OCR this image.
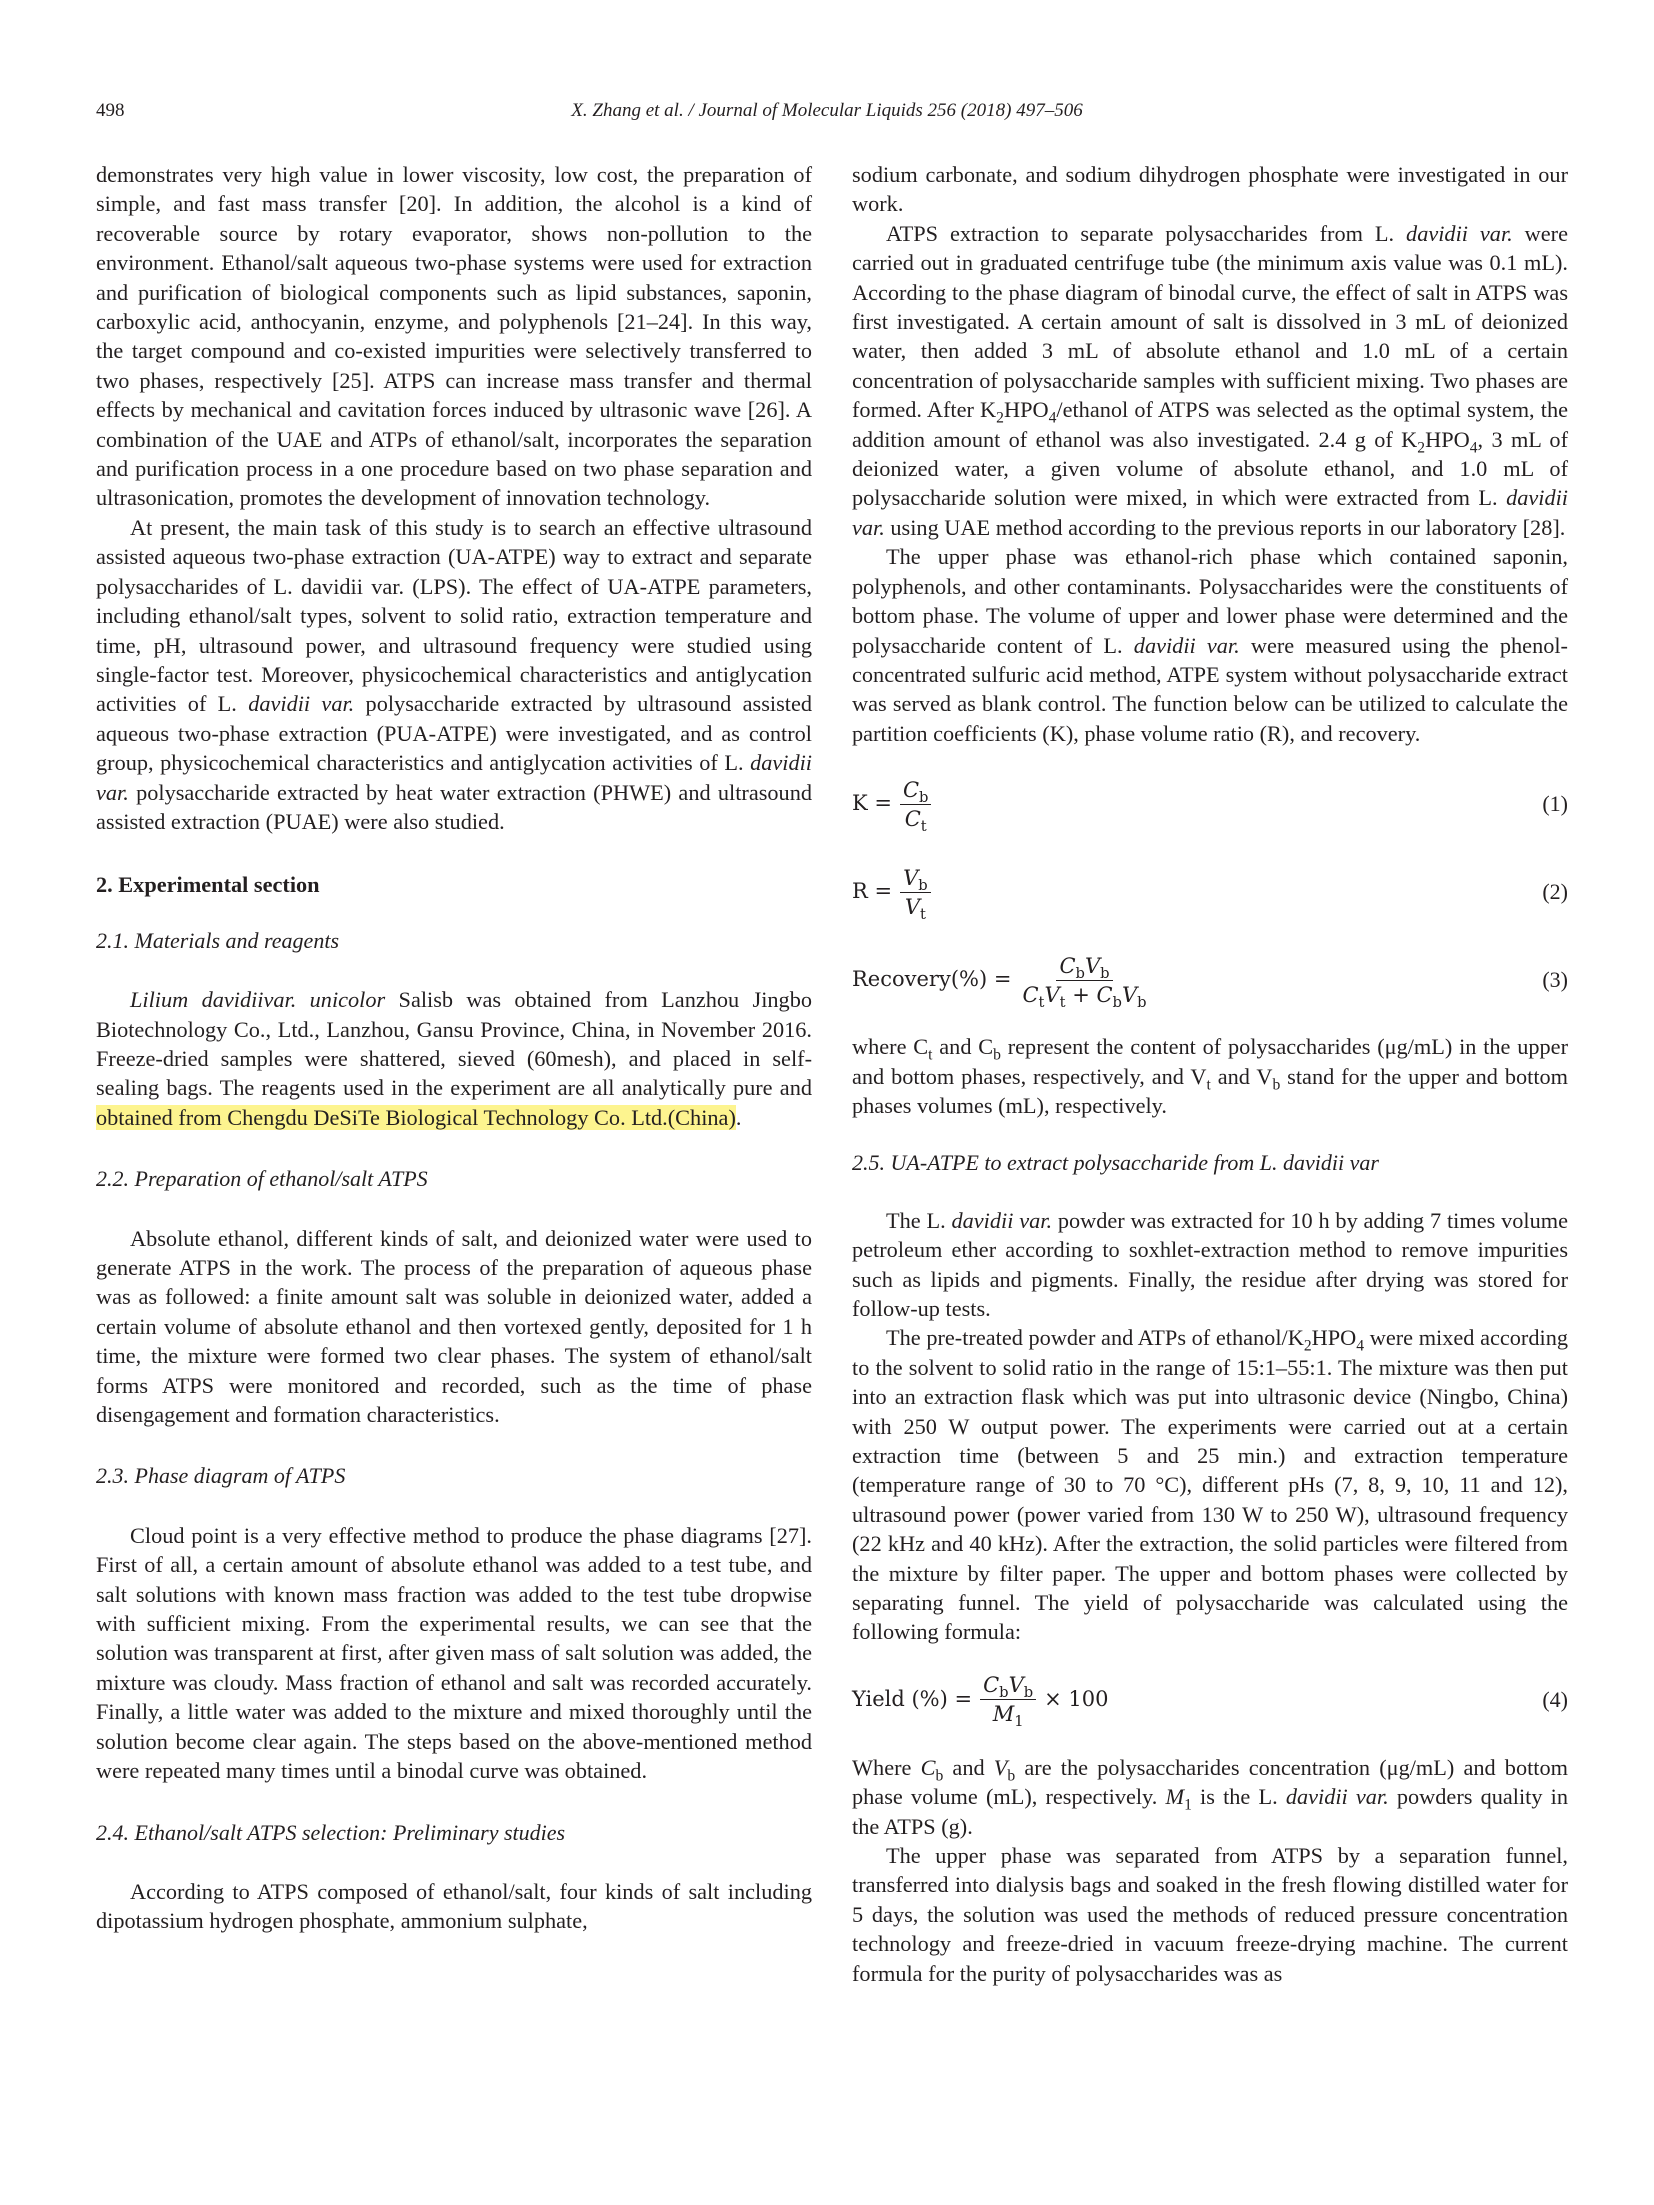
498	X. Zhang et al. / Journal of Molecular Liquids 256 (2018) 497–506

demonstrates very high value in lower viscosity, low cost, the preparation of simple, and fast mass transfer [20]. In addition, the alcohol is a kind of recoverable source by rotary evaporator, shows non-pollution to the environment. Ethanol/salt aqueous two-phase systems were used for extraction and purification of biological components such as lipid substances, saponin, carboxylic acid, anthocyanin, enzyme, and polyphenols [21–24]. In this way, the target compound and co-existed impurities were selectively transferred to two phases, respectively [25]. ATPS can increase mass transfer and thermal effects by mechanical and cavitation forces induced by ultrasonic wave [26]. A combination of the UAE and ATPs of ethanol/salt, incorporates the separation and purification process in a one procedure based on two phase separation and ultrasonication, promotes the development of innovation technology.

At present, the main task of this study is to search an effective ultrasound assisted aqueous two-phase extraction (UA-ATPE) way to extract and separate polysaccharides of L. davidii var. (LPS). The effect of UA-ATPE parameters, including ethanol/salt types, solvent to solid ratio, extraction temperature and time, pH, ultrasound power, and ultrasound frequency were studied using single-factor test. Moreover, physicochemical characteristics and antiglycation activities of L. davidii var. polysaccharide extracted by ultrasound assisted aqueous two-phase extraction (PUA-ATPE) were investigated, and as control group, physicochemical characteristics and antiglycation activities of L. davidii var. polysaccharide extracted by heat water extraction (PHWE) and ultrasound assisted extraction (PUAE) were also studied.

2. Experimental section
2.1. Materials and reagents

Lilium davidiivar. unicolor Salisb was obtained from Lanzhou Jingbo Biotechnology Co., Ltd., Lanzhou, Gansu Province, China, in November 2016. Freeze-dried samples were shattered, sieved (60mesh), and placed in self-sealing bags. The reagents used in the experiment are all analytically pure and obtained from Chengdu DeSiTe Biological Technology Co. Ltd.(China).

2.2. Preparation of ethanol/salt ATPS

Absolute ethanol, different kinds of salt, and deionized water were used to generate ATPS in the work. The process of the preparation of aqueous phase was as followed: a finite amount salt was soluble in deionized water, added a certain volume of absolute ethanol and then vortexed gently, deposited for 1 h time, the mixture were formed two clear phases. The system of ethanol/salt forms ATPS were monitored and recorded, such as the time of phase disengagement and formation characteristics.

2.3. Phase diagram of ATPS

Cloud point is a very effective method to produce the phase diagrams [27]. First of all, a certain amount of absolute ethanol was added to a test tube, and salt solutions with known mass fraction was added to the test tube dropwise with sufficient mixing. From the experimental results, we can see that the solution was transparent at first, after given mass of salt solution was added, the mixture was cloudy. Mass fraction of ethanol and salt was recorded accurately. Finally, a little water was added to the mixture and mixed thoroughly until the solution become clear again. The steps based on the above-mentioned method were repeated many times until a binodal curve was obtained.

2.4. Ethanol/salt ATPS selection: Preliminary studies

According to ATPS composed of ethanol/salt, four kinds of salt including dipotassium hydrogen phosphate, ammonium sulphate,

sodium carbonate, and sodium dihydrogen phosphate were investigated in our work.

ATPS extraction to separate polysaccharides from L. davidii var. were carried out in graduated centrifuge tube (the minimum axis value was 0.1 mL). According to the phase diagram of binodal curve, the effect of salt in ATPS was first investigated. A certain amount of salt is dissolved in 3 mL of deionized water, then added 3 mL of absolute ethanol and 1.0 mL of a certain concentration of polysaccharide samples with sufficient mixing. Two phases are formed. After $K_2HPO_4$/ethanol of ATPS was selected as the optimal system, the addition amount of ethanol was also investigated. 2.4 g of $K_2HPO_4$, 3 mL of deionized water, a given volume of absolute ethanol, and 1.0 mL of polysaccharide solution were mixed, in which were extracted from L. davidii var. using UAE method according to the previous reports in our laboratory [28].

The upper phase was ethanol-rich phase which contained saponin, polyphenols, and other contaminants. Polysaccharides were the constituents of bottom phase. The volume of upper and lower phase were determined and the polysaccharide content of L. davidii var. were measured using the phenol-concentrated sulfuric acid method, ATPE system without polysaccharide extract was served as blank control. The function below can be utilized to calculate the partition coefficients (K), phase volume ratio (R), and recovery.

$K = \frac{C_b}{C_t}$	(1)
$R = \frac{V_b}{V_t}$	(2)
Recovery(%) =
$C_bV_b$
$C_tV_t + C_bV_b$
(3)

where $C_t$ and $C_b$ represent the content of polysaccharides (μg/mL) in the upper and bottom phases, respectively, and $V_t$ and $V_b$ stand for the upper and bottom phases volumes (mL), respectively.

2.5. UA-ATPE to extract polysaccharide from L. davidii var

The L. davidii var. powder was extracted for 10 h by adding 7 times volume petroleum ether according to soxhlet-extraction method to remove impurities such as lipids and pigments. Finally, the residue after drying was stored for follow-up tests.

The pre-treated powder and ATPs of ethanol/$K_2HPO_4$ were mixed according to the solvent to solid ratio in the range of 15:1–55:1. The mixture was then put into an extraction flask which was put into ultrasonic device (Ningbo, China) with 250 W output power. The experiments were carried out at a certain extraction time (between 5 and 25 min.) and extraction temperature (temperature range of 30 to 70 °C), different pHs (7, 8, 9, 10, 11 and 12), ultrasound power (power varied from 130 W to 250 W), ultrasound frequency (22 kHz and 40 kHz). After the extraction, the solid particles were filtered from the mixture by filter paper. The upper and bottom phases were collected by separating funnel. The yield of polysaccharide was calculated using the following formula:

Yield (%) =
$C_bV_b$
$M_1$
× 100	(4)

Where $C_b$ and $V_b$ are the polysaccharides concentration (μg/mL) and bottom phase volume (mL), respectively. $M_1$ is the L. davidii var. powders quality in the ATPS (g).

The upper phase was separated from ATPS by a separation funnel, transferred into dialysis bags and soaked in the fresh flowing distilled water for 5 days, the solution was used the methods of reduced pressure concentration technology and freeze-dried in vacuum freeze-drying machine. The current formula for the purity of polysaccharides was as
